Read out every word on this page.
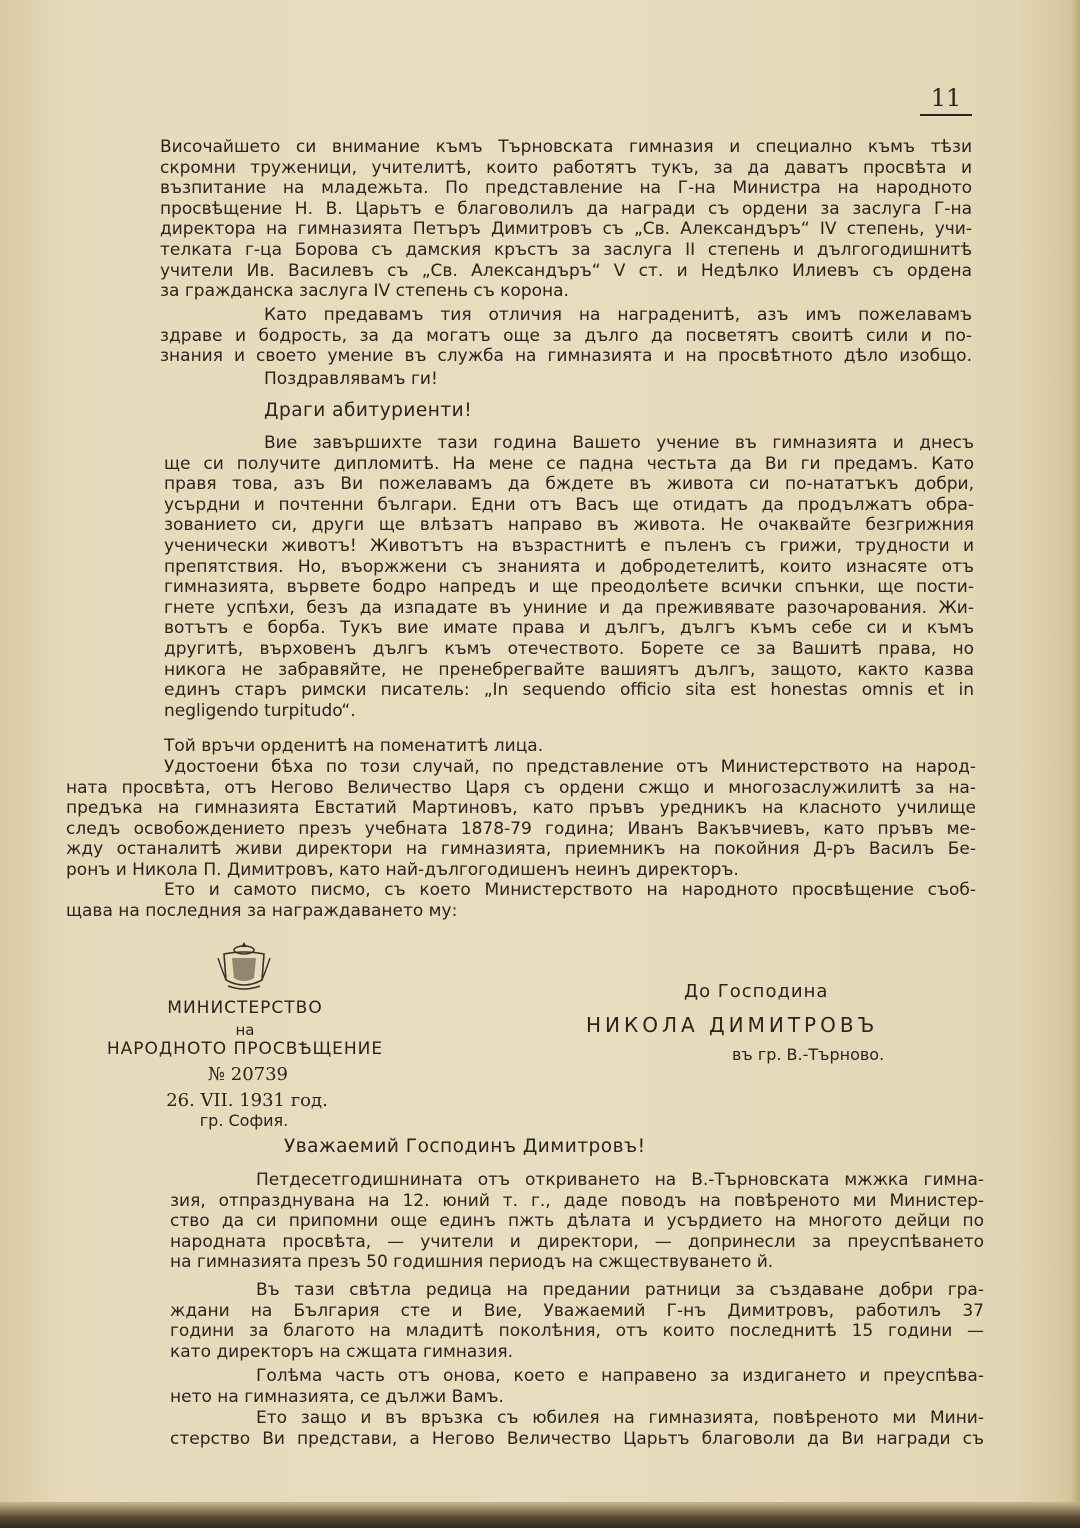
11
Височайшето си внимание къмъ Търновската гимназия и специално къмъ тѣзи
скромни труженици, учителитѣ, които работятъ тукъ, за да даватъ просвѣта и
възпитание на младежьта. По представление на Г-на Министра на народното
просвѣщение Н. В. Царьтъ е благоволилъ да награди съ ордени за заслуга Г-на
директора на гимназията Петъръ Димитровъ съ „Св. Александъръ“ IV степень, учи-
телката г-ца Борова съ дамския кръстъ за заслуга II степень и дългогодишнитѣ
учители Ив. Василевъ съ „Св. Александъръ“ V ст. и Недѣлко Илиевъ съ ордена
за гражданска заслуга IV степень съ корона.
Като предавамъ тия отличия на награденитѣ, азъ имъ пожелавамъ
здраве и бодрость, за да могатъ още за дълго да посветятъ своитѣ сили и по-
знания и своето умение въ служба на гимназията и на просвѣтното дѣло изобщо.
Поздравлявамъ ги!
Драги абитуриенти!
Вие завършихте тази година Вашето учение въ гимназията и днесъ
ще си получите дипломитѣ. На мене се падна честьта да Ви ги предамъ. Като
правя това, азъ Ви пожелавамъ да бждете въ живота си по-нататъкъ добри,
усърдни и почтенни българи. Едни отъ Васъ ще отидатъ да продължатъ обра-
зованието си, други ще влѣзатъ направо въ живота. Не очаквайте безгрижния
ученически животъ! Животътъ на възрастнитѣ е пъленъ съ грижи, трудности и
препятствия. Но, въоржжени съ знанията и добродетелитѣ, които изнасяте отъ
гимназията, вървете бодро напредъ и ще преодолѣете всички спънки, ще пости-
гнете успѣхи, безъ да изпадате въ униние и да преживявате разочарования. Жи-
вотътъ е борба. Тукъ вие имате права и дългъ, дългъ къмъ себе си и къмъ
другитѣ, върховенъ дългъ къмъ отечеството. Борете се за Вашитѣ права, но
никога не забравяйте, не пренебрегвайте вашиятъ дългъ, защото, както казва
единъ старъ римски писатель: „In sequendo officio sita est honestas omnis et in
negligendo turpitudo“.
Той връчи орденитѣ на поменатитѣ лица.
Удостоени бѣха по този случай, по представление отъ Министерството на народ-
ната просвѣта, отъ Негово Величество Царя съ ордени сжщо и многозаслужилитѣ за на-
предъка на гимназията Евстатий Мартиновъ, като пръвъ уредникъ на класното училище
следъ освобождението презъ учебната 1878-79 година; Иванъ Вакъвчиевъ, като пръвъ ме-
жду останалитѣ живи директори на гимназията, приемникъ на покойния Д-ръ Василъ Бе-
ронъ и Никола П. Димитровъ, като най-дългогодишенъ неинъ директоръ.
Ето и самото писмо, съ което Министерството на народното просвѣщение съоб-
щава на последния за награждаването му:
МИНИСТЕРСТВО
на
НАРОДНОТО ПРОСВѢЩЕНИЕ
№ 20739
26. VII. 1931 год.
гр. София.
До Господина
НИКОЛА ДИМИТРОВЪ
въ гр. В.-Търново.
Уважаемий Господинъ Димитровъ!
Петдесетгодишнината отъ откриването на В.-Търновската мжжка гимна-
зия, отпразднувана на 12. юний т. г., даде поводъ на повѣреното ми Министер-
ство да си припомни още единъ пжть дѣлата и усърдието на многото дейци по
народната просвѣта, — учители и директори, — допринесли за преуспѣването
на гимназията презъ 50 годишния периодъ на сжществуването й.
Въ тази свѣтла редица на предании ратници за създаване добри гра-
ждани на България сте и Вие, Уважаемий Г-нъ Димитровъ, работилъ 37
години за благото на младитѣ поколѣния, отъ които последнитѣ 15 години —
като директоръ на сжщата гимназия.
Голѣма часть отъ онова, което е направено за издигането и преуспѣва-
нето на гимназията, се дължи Вамъ.
Ето защо и въ връзка съ юбилея на гимназията, повѣреното ми Мини-
стерство Ви представи, а Негово Величество Царьтъ благоволи да Ви награди съ
